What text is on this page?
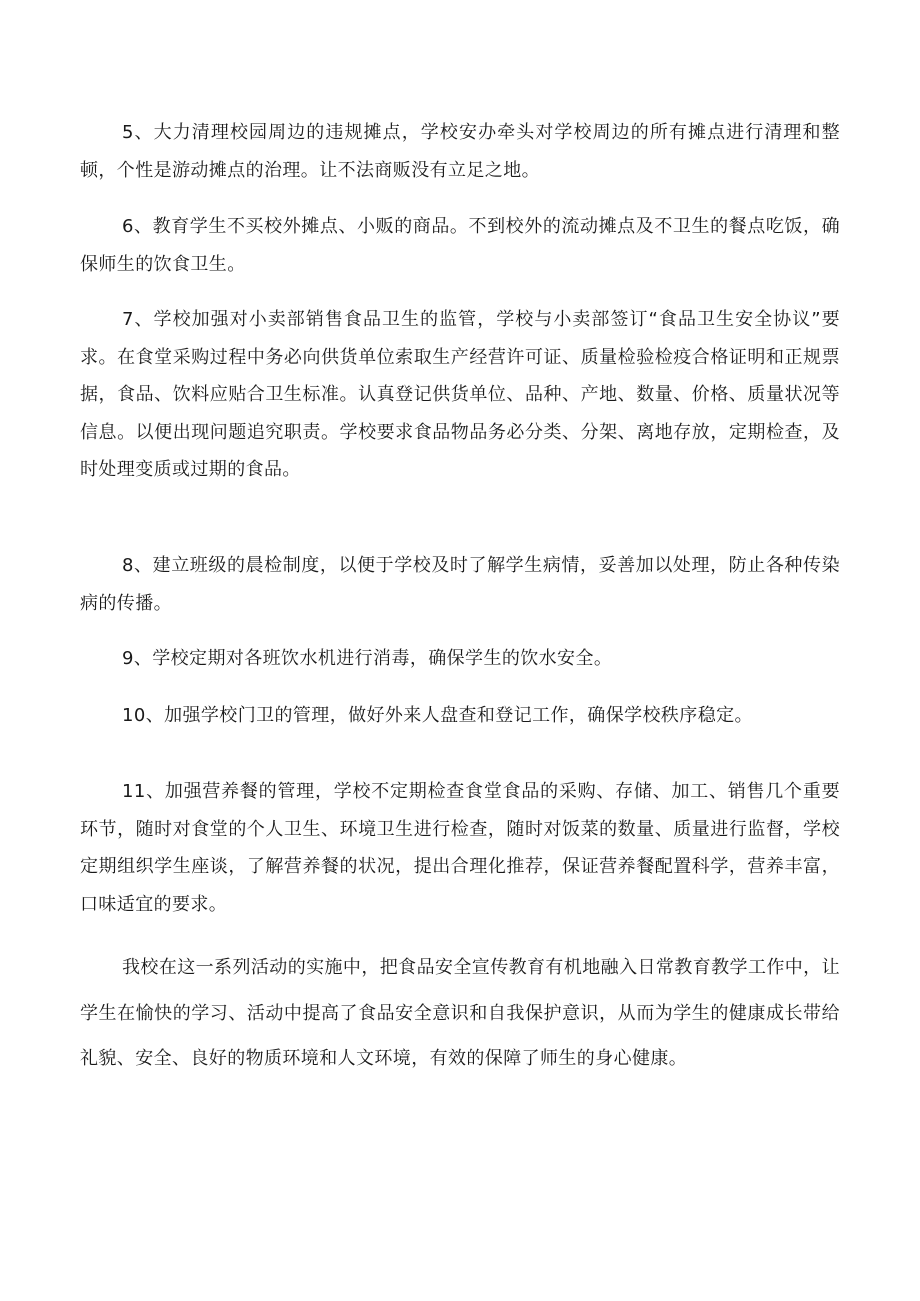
5、大力清理校园周边的违规摊点，学校安办牵头对学校周边的所有摊点进行清理和整顿，个性是游动摊点的治理。让不法商贩没有立足之地。

6、教育学生不买校外摊点、小贩的商品。不到校外的流动摊点及不卫生的餐点吃饭，确保师生的饮食卫生。

7、学校加强对小卖部销售食品卫生的监管，学校与小卖部签订“食品卫生安全协议”要求。在食堂采购过程中务必向供货单位索取生产经营许可证、质量检验检疫合格证明和正规票据，食品、饮料应贴合卫生标准。认真登记供货单位、品种、产地、数量、价格、质量状况等信息。以便出现问题追究职责。学校要求食品物品务必分类、分架、离地存放，定期检查，及时处理变质或过期的食品。

8、建立班级的晨检制度，以便于学校及时了解学生病情，妥善加以处理，防止各种传染病的传播。

9、学校定期对各班饮水机进行消毒，确保学生的饮水安全。

10、加强学校门卫的管理，做好外来人盘查和登记工作，确保学校秩序稳定。

11、加强营养餐的管理，学校不定期检查食堂食品的采购、存储、加工、销售几个重要环节，随时对食堂的个人卫生、环境卫生进行检查，随时对饭菜的数量、质量进行监督，学校定期组织学生座谈，了解营养餐的状况，提出合理化推荐，保证营养餐配置科学，营养丰富，口味适宜的要求。

我校在这一系列活动的实施中，把食品安全宣传教育有机地融入日常教育教学工作中，让学生在愉快的学习、活动中提高了食品安全意识和自我保护意识，从而为学生的健康成长带给礼貌、安全、良好的物质环境和人文环境，有效的保障了师生的身心健康。
